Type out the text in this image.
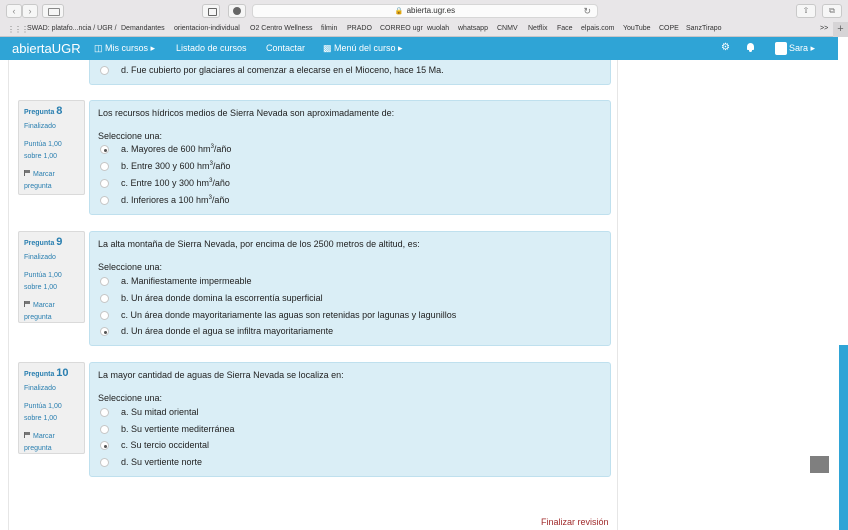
‹	›	🔒 abierta.ugr.es	↻	⇧	⧉
⋮⋮⋮ SWAD: platafo...ncia / UGR / Demandantes orientacion-individual O2 Centro Wellness filmin PRADO CORREO ugr wuolah whatsapp CNMV Netflix Face elpais.com YouTube COPE SanzTirapo	>> +
abiertaUGR ◫ Mis cursos ▸ Listado de cursos Contactar ▩ Menú del curso ▸	⚙	Sara ▸
d. Fue cubierto por glaciares al comenzar a elecarse en el Mioceno, hace 15 Ma.
Pregunta 8
Finalizado
Puntúa 1,00
sobre 1,00
Marcar
pregunta
Los recursos hídricos medios de Sierra Nevada son aproximadamente de:
Seleccione una:
a. Mayores de 600 $hm^3$/año
b. Entre 300 y 600 $hm^3$/año
c. Entre 100 y 300 $hm^3$/año
d. Inferiores a 100 $hm^3$/año
Pregunta 9
Finalizado
Puntúa 1,00
sobre 1,00
Marcar
pregunta
La alta montaña de Sierra Nevada, por encima de los 2500 metros de altitud, es:
Seleccione una:
a. Manifiestamente impermeable
b. Un área donde domina la escorrentía superficial
c. Un área donde mayoritariamente las aguas son retenidas por lagunas y lagunillos
d. Un área donde el agua se infiltra mayoritariamente
Pregunta 10
Finalizado
Puntúa 1,00
sobre 1,00
Marcar
pregunta
La mayor cantidad de aguas de Sierra Nevada se localiza en:
Seleccione una:
a. Su mitad oriental
b. Su vertiente mediterránea
c. Su tercio occidental
d. Su vertiente norte
Finalizar revisión
